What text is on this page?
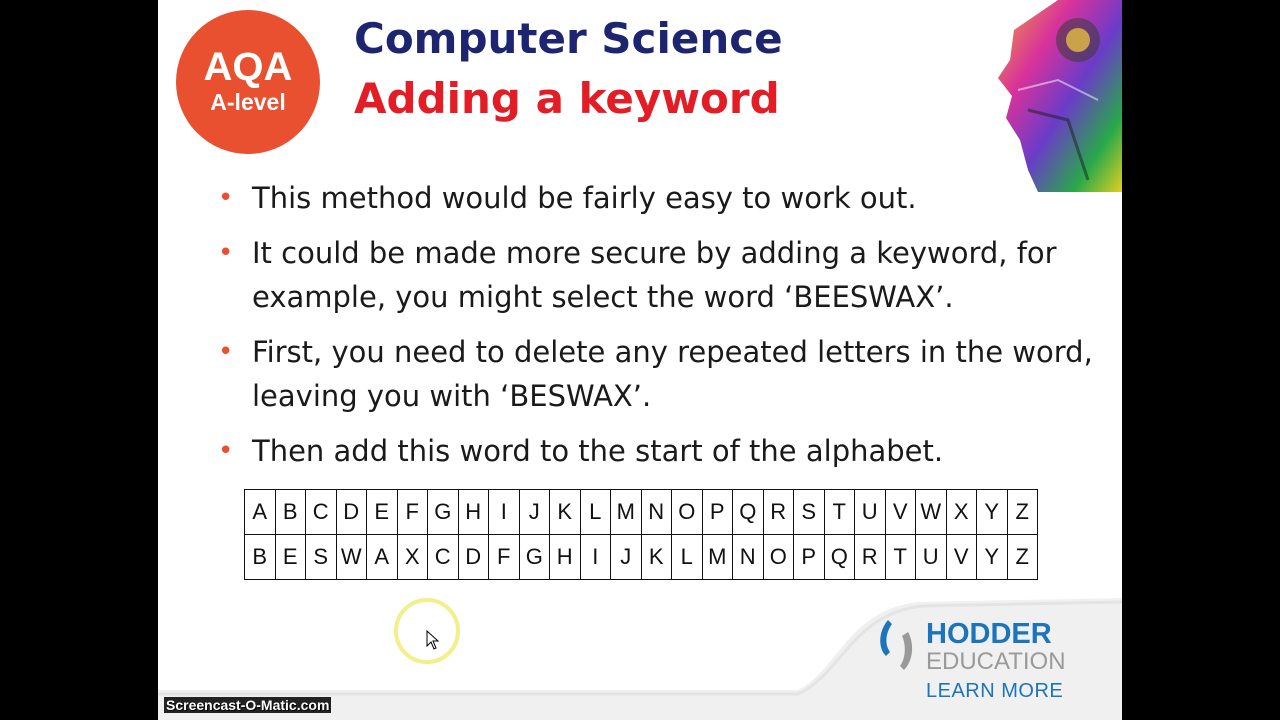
AQA
A-level
Computer Science
Adding a keyword
• This method would be fairly easy to work out.
• It could be made more secure by adding a keyword, for example, you might select the word ‘BEESWAX’.
• First, you need to delete any repeated letters in the word, leaving you with ‘BESWAX’.
• Then add this word to the start of the alphabet.
A	B	C	D	E	F	G	H	I	J	K	L	M	N	O	P	Q	R	S	T	U	V	W	X	Y	Z
B	E	S	W	A	X	C	D	F	G	H	I	J	K	L	M	N	O	P	Q	R	T	U	V	Y	Z
HODDER
EDUCATION
LEARN MORE
Screencast-O-Matic.com
